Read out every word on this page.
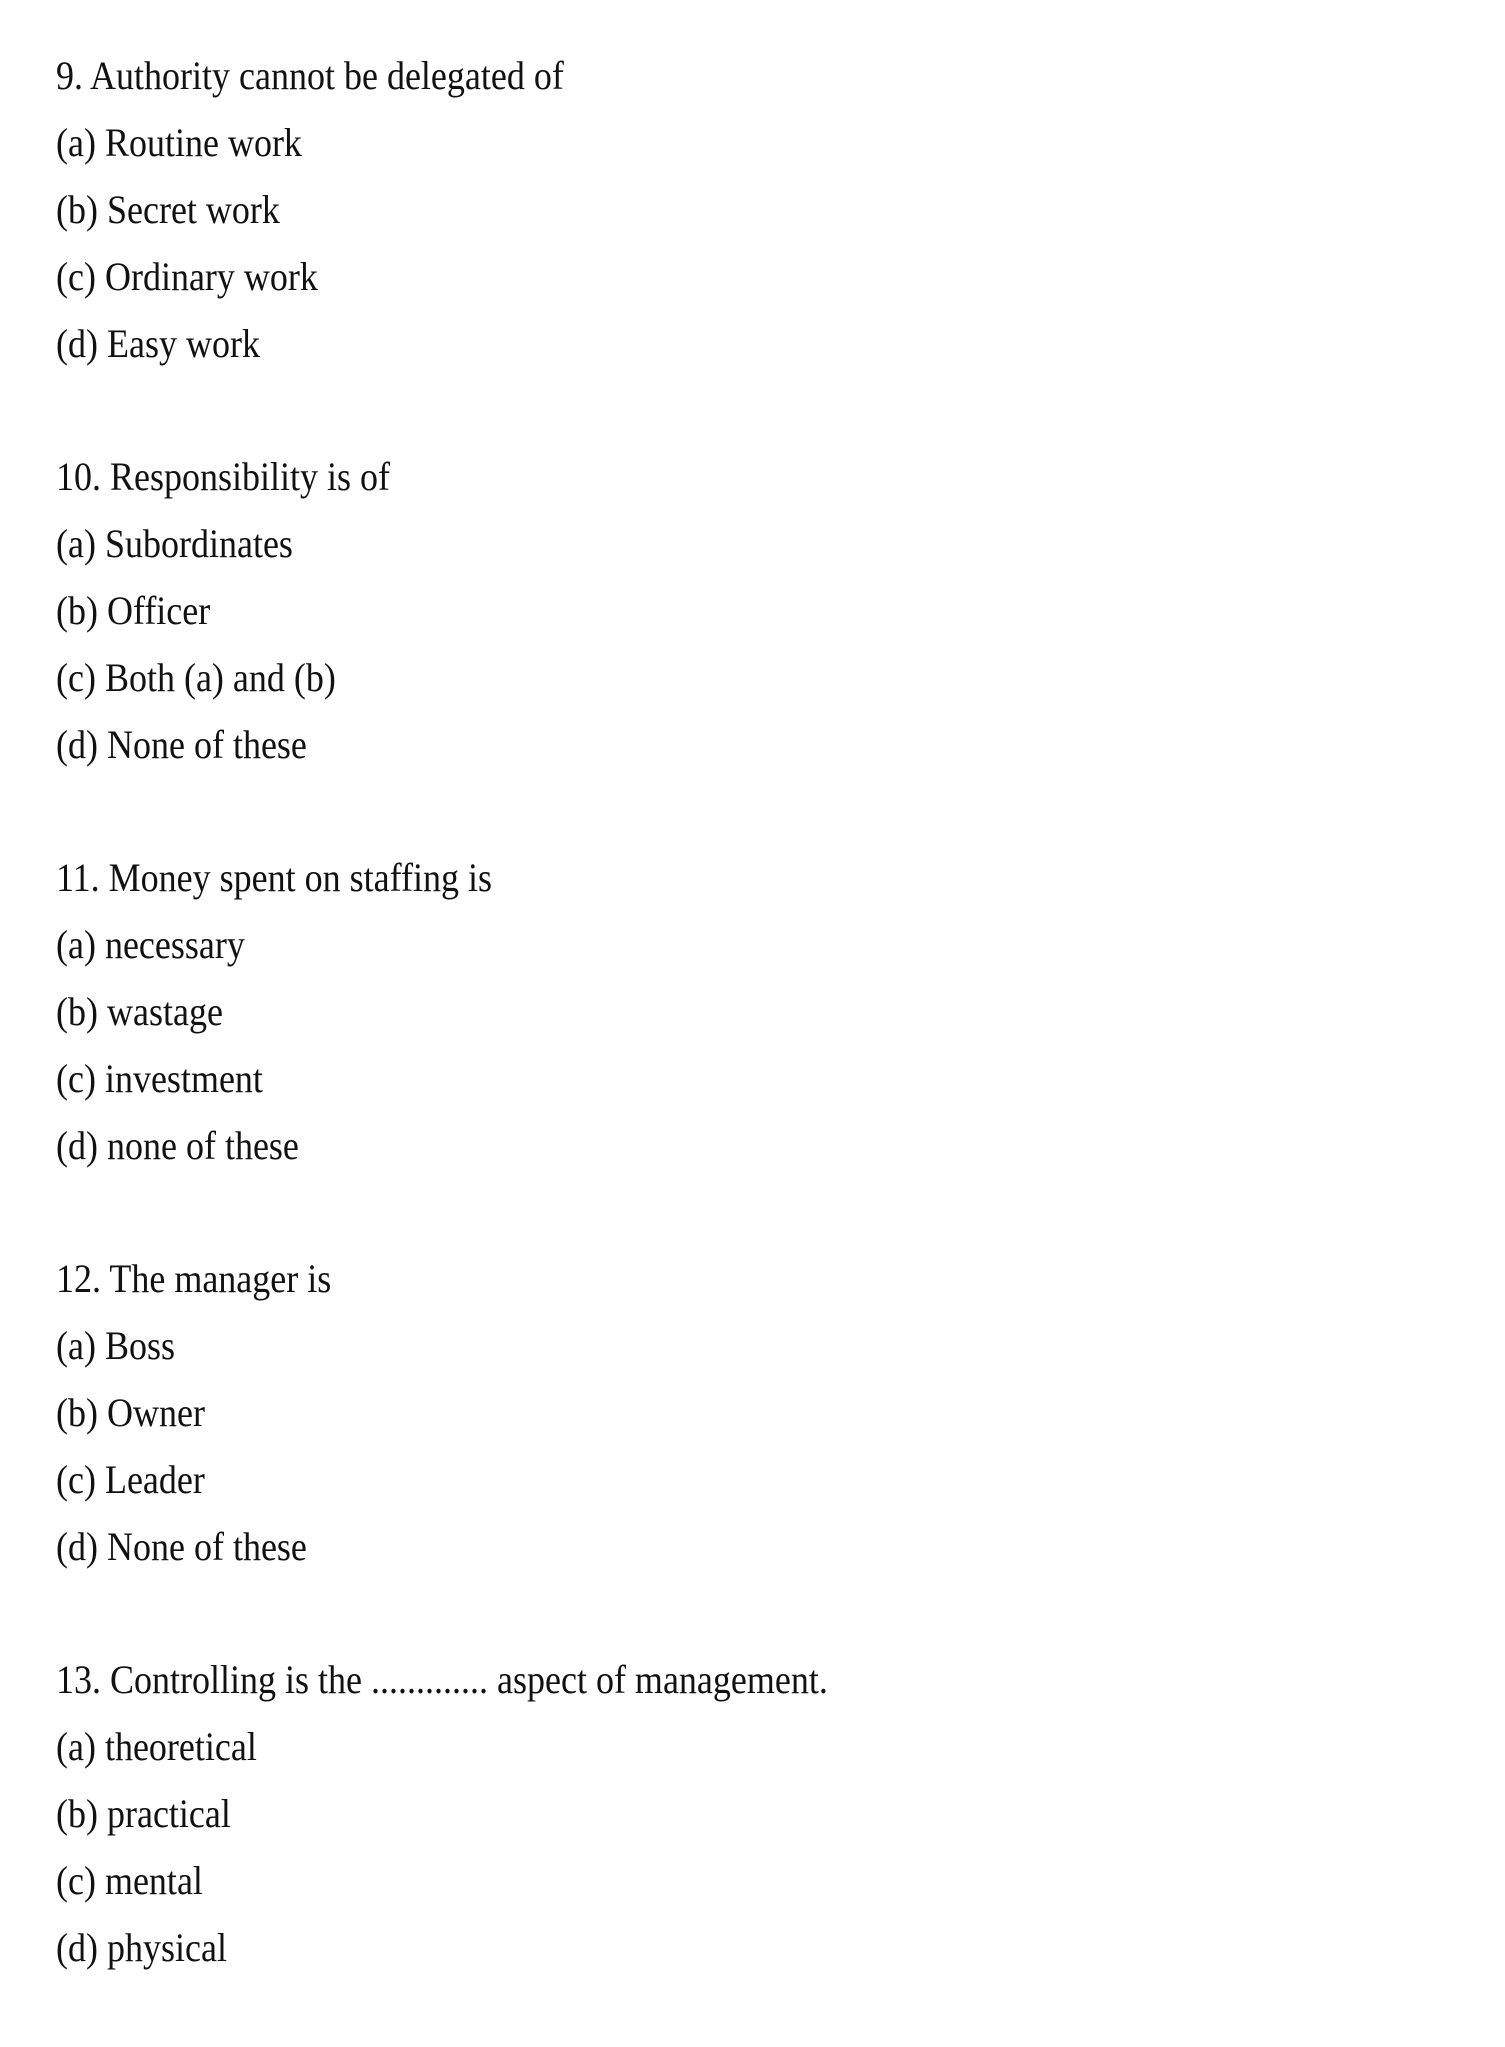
9. Authority cannot be delegated of
(a) Routine work
(b) Secret work
(c) Ordinary work
(d) Easy work
10. Responsibility is of
(a) Subordinates
(b) Officer
(c) Both (a) and (b)
(d) None of these
11. Money spent on staffing is
(a) necessary
(b) wastage
(c) investment
(d) none of these
12. The manager is
(a) Boss
(b) Owner
(c) Leader
(d) None of these
13. Controlling is the ............. aspect of management.
(a) theoretical
(b) practical
(c) mental
(d) physical
